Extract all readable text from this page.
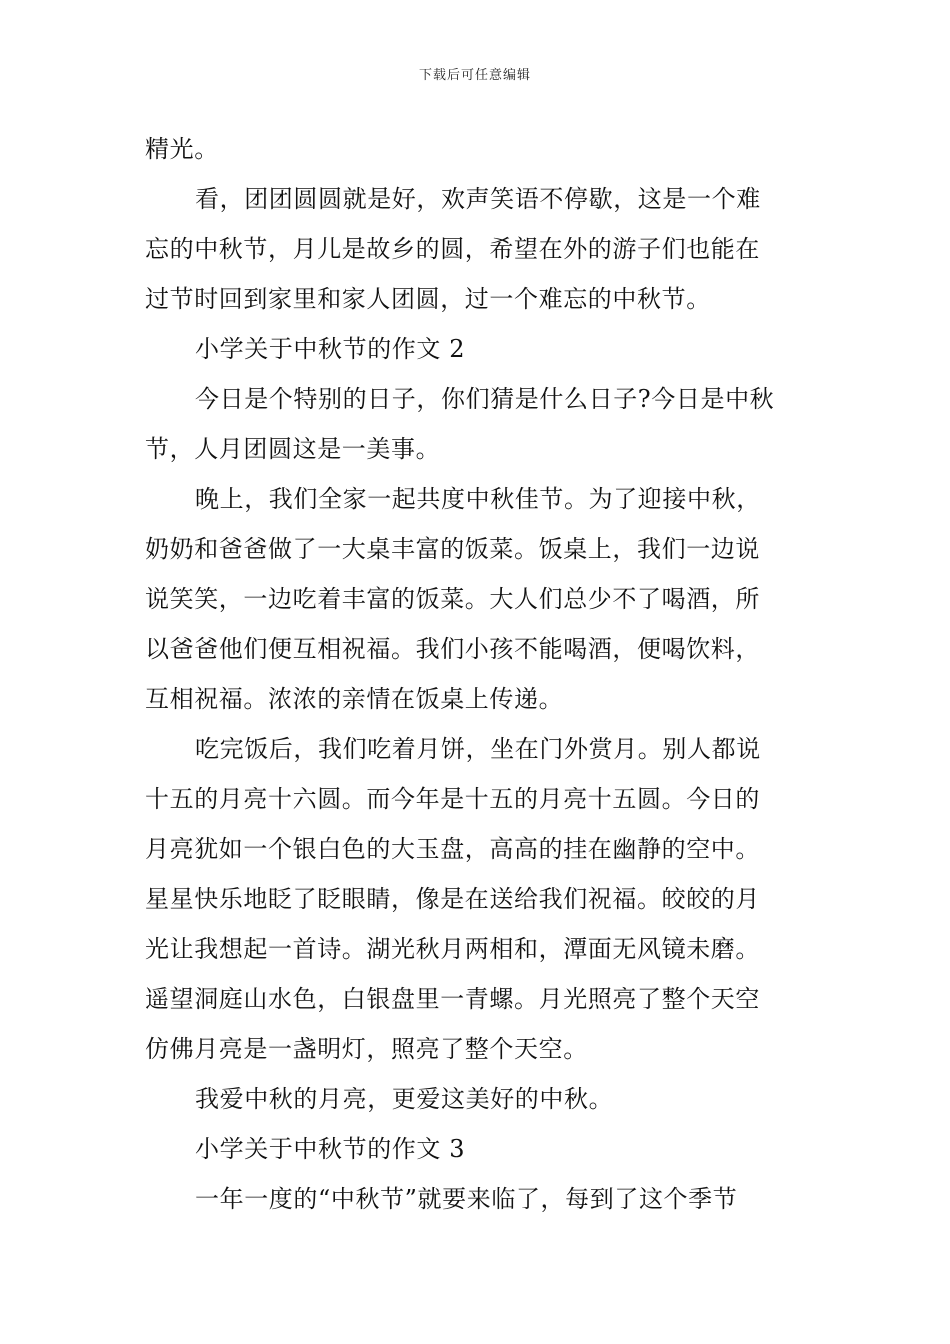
下载后可任意编辑
精光。
看，团团圆圆就是好，欢声笑语不停歇，这是一个难
忘的中秋节，月儿是故乡的圆，希望在外的游子们也能在
过节时回到家里和家人团圆，过一个难忘的中秋节。
小学关于中秋节的作文 2
今日是个特别的日子，你们猜是什么日子?今日是中秋
节，人月团圆这是一美事。
晚上，我们全家一起共度中秋佳节。为了迎接中秋，
奶奶和爸爸做了一大桌丰富的饭菜。饭桌上，我们一边说
说笑笑，一边吃着丰富的饭菜。大人们总少不了喝酒，所
以爸爸他们便互相祝福。我们小孩不能喝酒，便喝饮料，
互相祝福。浓浓的亲情在饭桌上传递。
吃完饭后，我们吃着月饼，坐在门外赏月。别人都说
十五的月亮十六圆。而今年是十五的月亮十五圆。今日的
月亮犹如一个银白色的大玉盘，高高的挂在幽静的空中。
星星快乐地眨了眨眼睛，像是在送给我们祝福。皎皎的月
光让我想起一首诗。湖光秋月两相和，潭面无风镜未磨。
遥望洞庭山水色，白银盘里一青螺。月光照亮了整个天空
仿佛月亮是一盏明灯，照亮了整个天空。
我爱中秋的月亮，更爱这美好的中秋。
小学关于中秋节的作文 3
一年一度的“中秋节”就要来临了，每到了这个季节
